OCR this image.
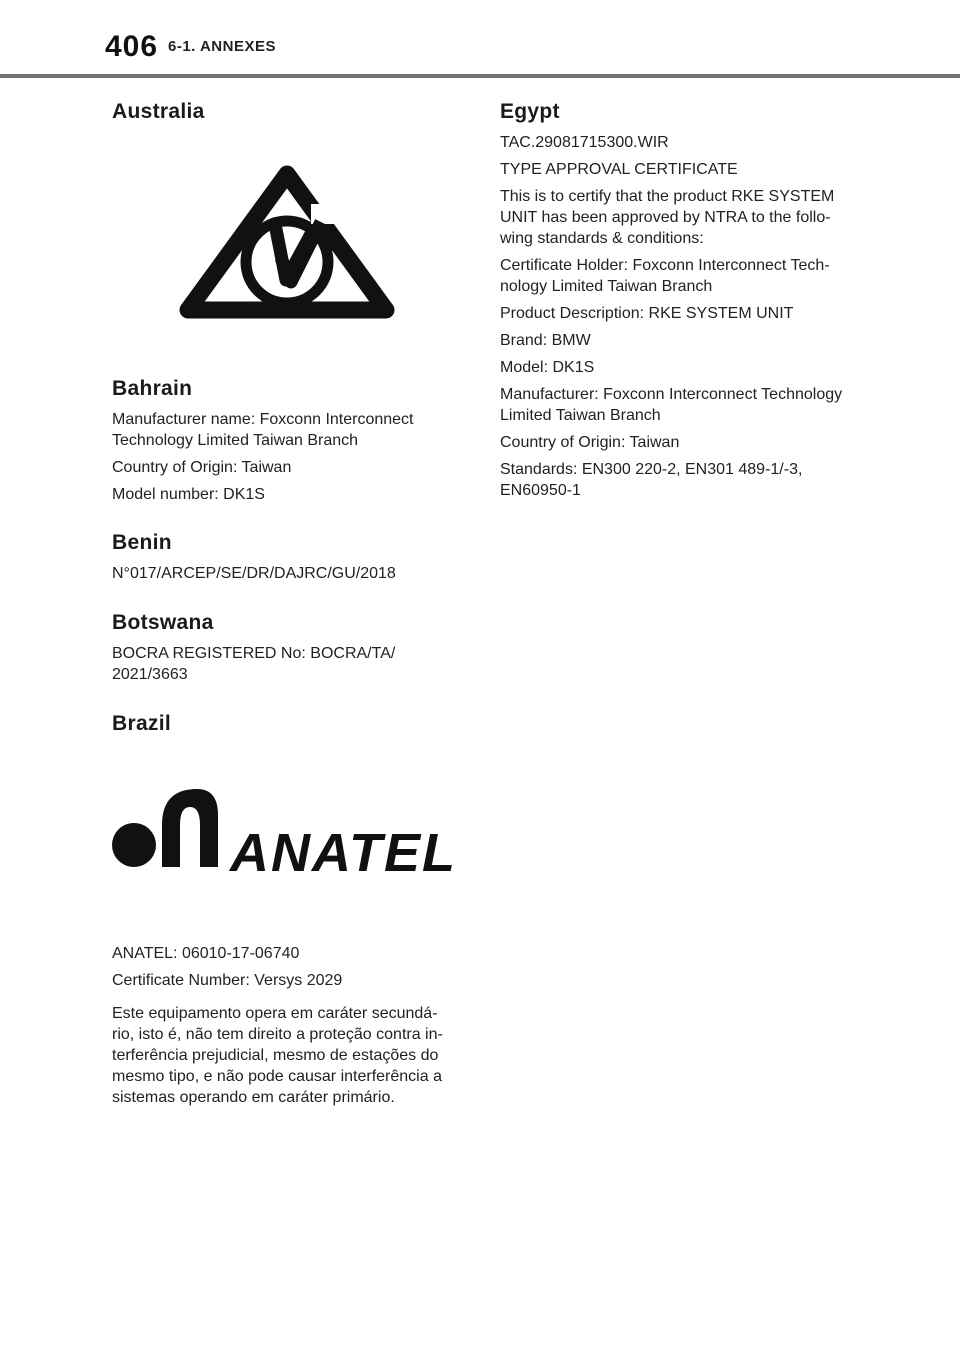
406 6-1. ANNEXES
Australia
Bahrain

Manufacturer name: Foxconn Interconnect Technology Limited Taiwan Branch

Country of Origin: Taiwan

Model number: DK1S

Benin

N°017/ARCEP/SE/DR/DAJRC/GU/2018

Botswana

BOCRA REGISTERED No: BOCRA/TA/ 2021/3663

Brazil
ANATEL

ANATEL: 06010-17-06740

Certificate Number: Versys 2029

Este equipamento opera em caráter secundá- rio, isto é, não tem direito a proteção contra in- terferência prejudicial, mesmo de estações do mesmo tipo, e não pode causar interferência a sistemas operando em caráter primário.

Egypt

TAC.29081715300.WIR

TYPE APPROVAL CERTIFICATE

This is to certify that the product RKE SYSTEM UNIT has been approved by NTRA to the follo- wing standards & conditions:

Certificate Holder: Foxconn Interconnect Tech- nology Limited Taiwan Branch

Product Description: RKE SYSTEM UNIT

Brand: BMW

Model: DK1S

Manufacturer: Foxconn Interconnect Technology Limited Taiwan Branch

Country of Origin: Taiwan

Standards: EN300 220-2, EN301 489-1/-3, EN60950-1
